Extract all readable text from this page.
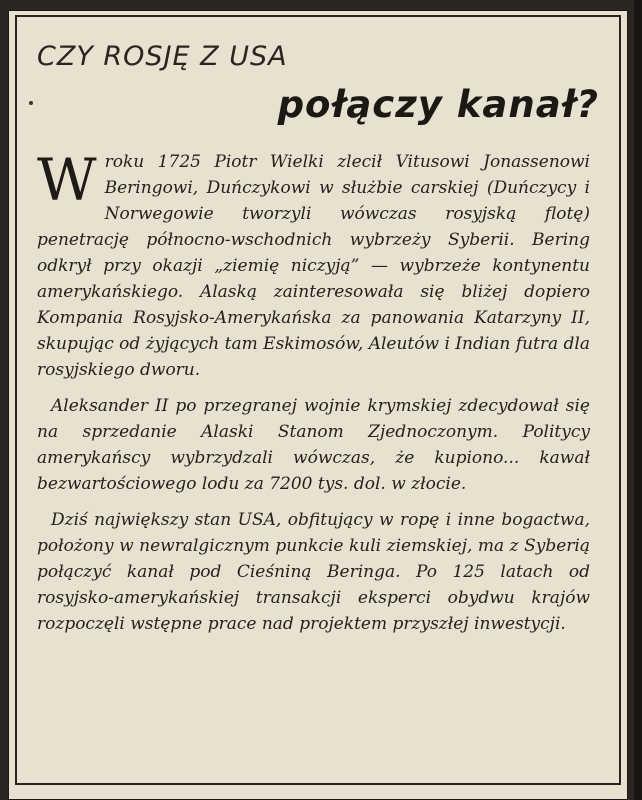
CZY ROSJĘ Z USA
połączy kanał?

W roku 1725 Piotr Wielki zlecił Vitusowi Jonassenowi Beringowi, Duńczykowi w służbie carskiej (Duńczycy i Norwegowie tworzyli wówczas rosyjską flotę) penetrację północno-wschodnich wybrzeży Syberii. Bering odkrył przy okazji „ziemię niczyją” — wybrzeże kontynentu amerykańskiego. Alaską zainteresowała się bliżej dopiero Kompania Rosyjsko-Amerykańska za panowania Katarzyny II, skupując od żyjących tam Eskimosów, Aleutów i Indian futra dla rosyjskiego dworu.

Aleksander II po przegranej wojnie krymskiej zdecydował się na sprzedanie Alaski Stanom Zjednoczonym. Politycy amerykańscy wybrzydzali wówczas, że kupiono... kawał bezwartościowego lodu za 7200 tys. dol. w złocie.

Dziś największy stan USA, obfitujący w ropę i inne bogactwa, położony w newralgicznym punkcie kuli ziemskiej, ma z Syberią połączyć kanał pod Cieśniną Beringa. Po 125 latach od rosyjsko-amerykańskiej transakcji eksperci obydwu krajów rozpoczęli wstępne prace nad projektem przyszłej inwestycji.
